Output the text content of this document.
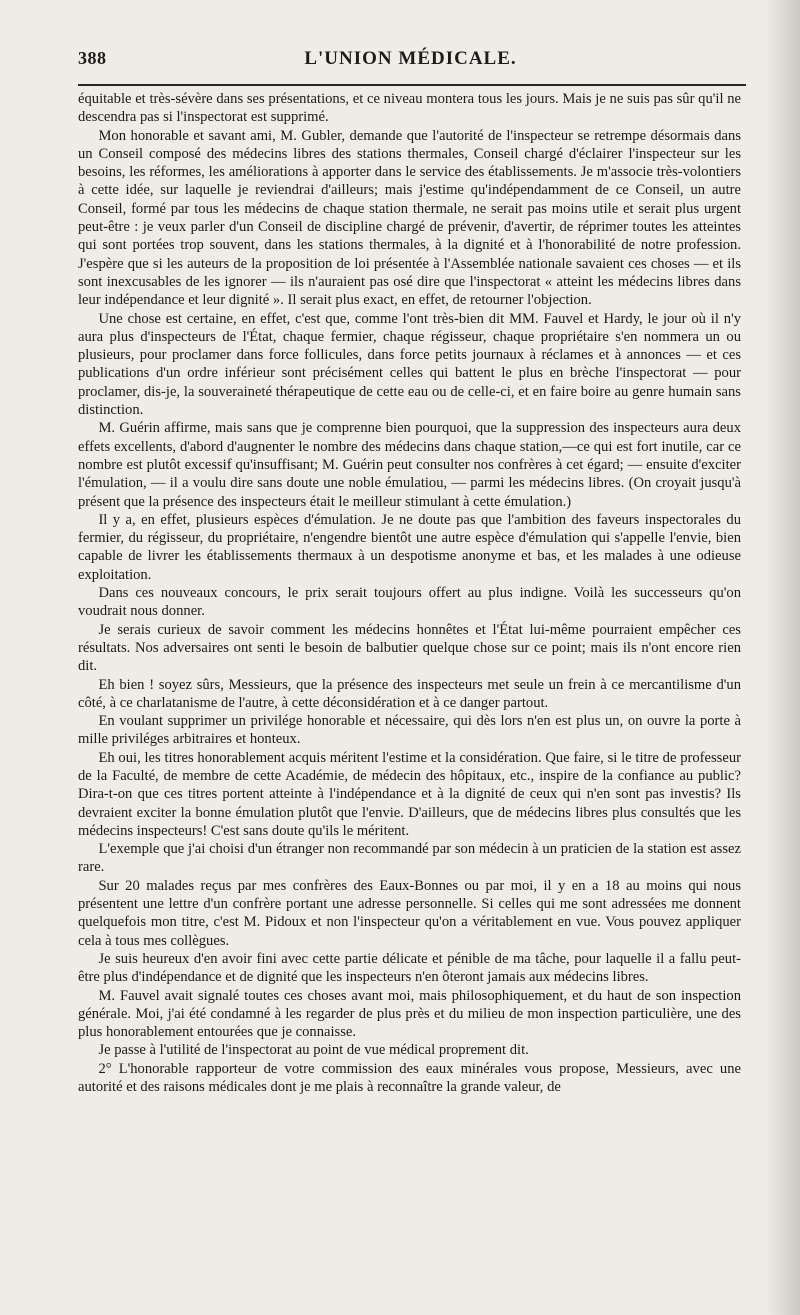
388	L'UNION MÉDICALE.

équitable et très-sévère dans ses présentations, et ce niveau montera tous les jours. Mais je ne suis pas sûr qu'il ne descendra pas si l'inspectorat est supprimé.

Mon honorable et savant ami, M. Gubler, demande que l'autorité de l'inspecteur se retrempe désormais dans un Conseil composé des médecins libres des stations thermales, Conseil chargé d'éclairer l'inspecteur sur les besoins, les réformes, les améliorations à apporter dans le service des établissements. Je m'associe très-volontiers à cette idée, sur laquelle je reviendrai d'ailleurs; mais j'estime qu'indépendamment de ce Conseil, un autre Conseil, formé par tous les médecins de chaque station thermale, ne serait pas moins utile et serait plus urgent peut-être : je veux parler d'un Conseil de discipline chargé de prévenir, d'avertir, de réprimer toutes les atteintes qui sont portées trop souvent, dans les stations thermales, à la dignité et à l'honorabilité de notre profession. J'espère que si les auteurs de la proposition de loi présentée à l'Assemblée nationale savaient ces choses — et ils sont inexcusables de les ignorer — ils n'auraient pas osé dire que l'inspectorat « atteint les médecins libres dans leur indépendance et leur dignité ». Il serait plus exact, en effet, de retourner l'objection.

Une chose est certaine, en effet, c'est que, comme l'ont très-bien dit MM. Fauvel et Hardy, le jour où il n'y aura plus d'inspecteurs de l'État, chaque fermier, chaque régisseur, chaque propriétaire s'en nommera un ou plusieurs, pour proclamer dans force follicules, dans force petits journaux à réclames et à annonces — et ces publications d'un ordre inférieur sont précisément celles qui battent le plus en brèche l'inspectorat — pour proclamer, dis-je, la souveraineté thérapeutique de cette eau ou de celle-ci, et en faire boire au genre humain sans distinction.

M. Guérin affirme, mais sans que je comprenne bien pourquoi, que la suppression des inspecteurs aura deux effets excellents, d'abord d'augnenter le nombre des médecins dans chaque station,—ce qui est fort inutile, car ce nombre est plutôt excessif qu'insuffisant; M. Guérin peut consulter nos confrères à cet égard; — ensuite d'exciter l'émulation, — il a voulu dire sans doute une noble émulatiou, — parmi les médecins libres. (On croyait jusqu'à présent que la présence des inspecteurs était le meilleur stimulant à cette émulation.)

Il y a, en effet, plusieurs espèces d'émulation. Je ne doute pas que l'ambition des faveurs inspectorales du fermier, du régisseur, du propriétaire, n'engendre bientôt une autre espèce d'émulation qui s'appelle l'envie, bien capable de livrer les établissements thermaux à un despotisme anonyme et bas, et les malades à une odieuse exploitation.

Dans ces nouveaux concours, le prix serait toujours offert au plus indigne. Voilà les successeurs qu'on voudrait nous donner.

Je serais curieux de savoir comment les médecins honnêtes et l'État lui-même pourraient empêcher ces résultats. Nos adversaires ont senti le besoin de balbutier quelque chose sur ce point; mais ils n'ont encore rien dit.

Eh bien ! soyez sûrs, Messieurs, que la présence des inspecteurs met seule un frein à ce mercantilisme d'un côté, à ce charlatanisme de l'autre, à cette déconsidération et à ce danger partout.

En voulant supprimer un privilége honorable et nécessaire, qui dès lors n'en est plus un, on ouvre la porte à mille priviléges arbitraires et honteux.

Eh oui, les titres honorablement acquis méritent l'estime et la considération. Que faire, si le titre de professeur de la Faculté, de membre de cette Académie, de médecin des hôpitaux, etc., inspire de la confiance au public? Dira-t-on que ces titres portent atteinte à l'indépendance et à la dignité de ceux qui n'en sont pas investis? Ils devraient exciter la bonne émulation plutôt que l'envie. D'ailleurs, que de médecins libres plus consultés que les médecins inspecteurs! C'est sans doute qu'ils le méritent.

L'exemple que j'ai choisi d'un étranger non recommandé par son médecin à un praticien de la station est assez rare.

Sur 20 malades reçus par mes confrères des Eaux-Bonnes ou par moi, il y en a 18 au moins qui nous présentent une lettre d'un confrère portant une adresse personnelle. Si celles qui me sont adressées me donnent quelquefois mon titre, c'est M. Pidoux et non l'inspecteur qu'on a véritablement en vue. Vous pouvez appliquer cela à tous mes collègues.

Je suis heureux d'en avoir fini avec cette partie délicate et pénible de ma tâche, pour laquelle il a fallu peut-être plus d'indépendance et de dignité que les inspecteurs n'en ôteront jamais aux médecins libres.

M. Fauvel avait signalé toutes ces choses avant moi, mais philosophiquement, et du haut de son inspection générale. Moi, j'ai été condamné à les regarder de plus près et du milieu de mon inspection particulière, une des plus honorablement entourées que je connaisse.

Je passe à l'utilité de l'inspectorat au point de vue médical proprement dit.

2° L'honorable rapporteur de votre commission des eaux minérales vous propose, Messieurs, avec une autorité et des raisons médicales dont je me plais à reconnaître la grande valeur, de
